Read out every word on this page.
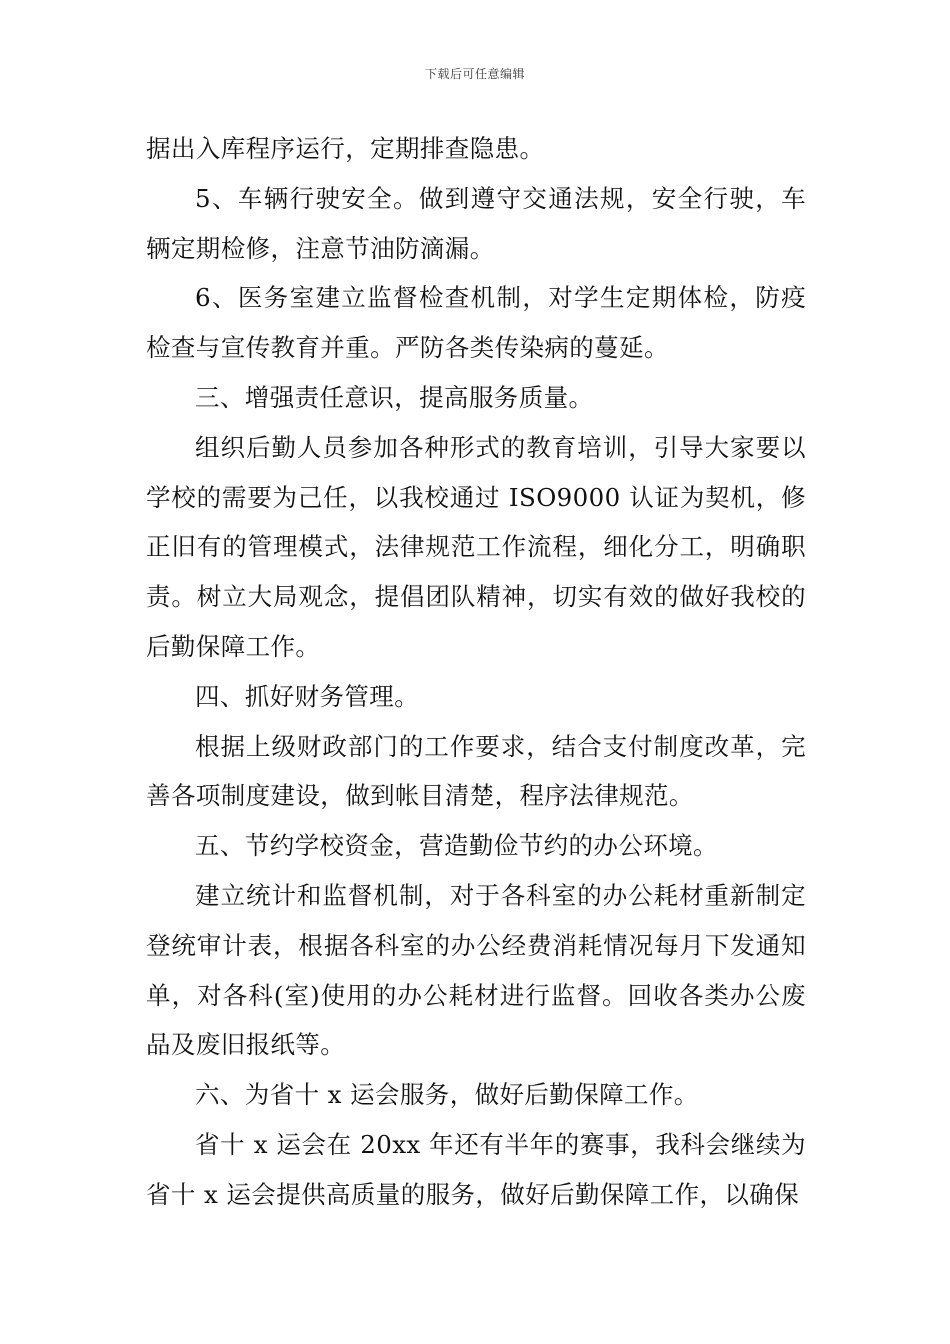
下载后可任意编辑

据出入库程序运行，定期排查隐患。

5、车辆行驶安全。做到遵守交通法规，安全行驶，车辆定期检修，注意节油防滴漏。

6、医务室建立监督检查机制，对学生定期体检，防疫检查与宣传教育并重。严防各类传染病的蔓延。

三、增强责任意识，提高服务质量。

组织后勤人员参加各种形式的教育培训，引导大家要以学校的需要为己任，以我校通过 ISO9000 认证为契机，修正旧有的管理模式，法律规范工作流程，细化分工，明确职责。树立大局观念，提倡团队精神，切实有效的做好我校的后勤保障工作。

四、抓好财务管理。

根据上级财政部门的工作要求，结合支付制度改革，完善各项制度建设，做到帐目清楚，程序法律规范。

五、节约学校资金，营造勤俭节约的办公环境。

建立统计和监督机制，对于各科室的办公耗材重新制定登统审计表，根据各科室的办公经费消耗情况每月下发通知单，对各科(室)使用的办公耗材进行监督。回收各类办公废品及废旧报纸等。

六、为省十 x 运会服务，做好后勤保障工作。

省十 x 运会在 20xx 年还有半年的赛事，我科会继续为省十 x 运会提供高质量的服务，做好后勤保障工作，以确保
